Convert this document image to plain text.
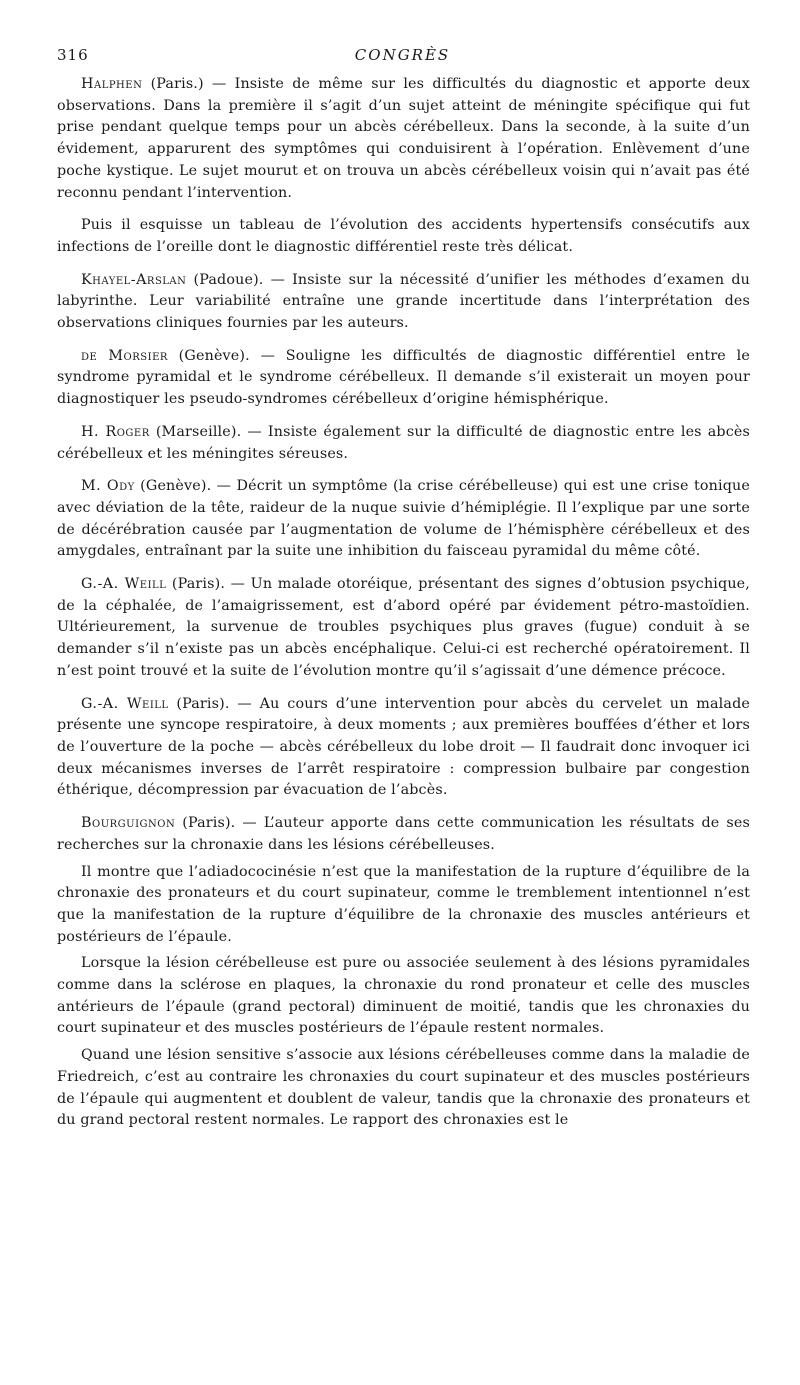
316	CONGRÈS

Halphen (Paris.) — Insiste de même sur les difficultés du diagnostic et apporte deux observations. Dans la première il s’agit d’un sujet atteint de méningite spécifique qui fut prise pendant quelque temps pour un abcès cérébelleux. Dans la seconde, à la suite d’un évidement, apparurent des symptômes qui conduisirent à l’opération. Enlèvement d’une poche kystique. Le sujet mourut et on trouva un abcès cérébelleux voisin qui n’avait pas été reconnu pendant l’intervention.

Puis il esquisse un tableau de l’évolution des accidents hypertensifs consécutifs aux infections de l’oreille dont le diagnostic différentiel reste très délicat.

Khayel-Arslan (Padoue). — Insiste sur la nécessité d’unifier les méthodes d’examen du labyrinthe. Leur variabilité entraîne une grande incertitude dans l’interprétation des observations cliniques fournies par les auteurs.

de Morsier (Genève). — Souligne les difficultés de diagnostic différentiel entre le syndrome pyramidal et le syndrome cérébelleux. Il demande s’il existerait un moyen pour diagnostiquer les pseudo-syndromes cérébelleux d’origine hémisphérique.

H. Roger (Marseille). — Insiste également sur la difficulté de diagnostic entre les abcès cérébelleux et les méningites séreuses.

M. Ody (Genève). — Décrit un symptôme (la crise cérébelleuse) qui est une crise tonique avec déviation de la tête, raideur de la nuque suivie d’hémiplégie. Il l’explique par une sorte de décérébration causée par l’augmentation de volume de l’hémisphère cérébelleux et des amygdales, entraînant par la suite une inhibition du faisceau pyramidal du même côté.

G.-A. Weill (Paris). — Un malade otoréique, présentant des signes d’obtusion psychique, de la céphalée, de l’amaigrissement, est d’abord opéré par évidement pétro-mastoïdien. Ultérieurement, la survenue de troubles psychiques plus graves (fugue) conduit à se demander s’il n’existe pas un abcès encéphalique. Celui-ci est recherché opératoirement. Il n’est point trouvé et la suite de l’évolution montre qu’il s’agissait d’une démence précoce.

G.-A. Weill (Paris). — Au cours d’une intervention pour abcès du cervelet un malade présente une syncope respiratoire, à deux moments ; aux premières bouffées d’éther et lors de l’ouverture de la poche — abcès cérébelleux du lobe droit — Il faudrait donc invoquer ici deux mécanismes inverses de l’arrêt respiratoire : compression bulbaire par congestion éthérique, décompression par évacuation de l’abcès.

Bourguignon (Paris). — L’auteur apporte dans cette communication les résultats de ses recherches sur la chronaxie dans les lésions cérébelleuses.

Il montre que l’adiadococinésie n’est que la manifestation de la rupture d’équilibre de la chronaxie des pronateurs et du court supinateur, comme le tremblement intentionnel n’est que la manifestation de la rupture d’équilibre de la chronaxie des muscles antérieurs et postérieurs de l’épaule.

Lorsque la lésion cérébelleuse est pure ou associée seulement à des lésions pyramidales comme dans la sclérose en plaques, la chronaxie du rond pronateur et celle des muscles antérieurs de l’épaule (grand pectoral) diminuent de moitié, tandis que les chronaxies du court supinateur et des muscles postérieurs de l’épaule restent normales.

Quand une lésion sensitive s’associe aux lésions cérébelleuses comme dans la maladie de Friedreich, c’est au contraire les chronaxies du court supinateur et des muscles postérieurs de l’épaule qui augmentent et doublent de valeur, tandis que la chronaxie des pronateurs et du grand pectoral restent normales. Le rapport des chronaxies est le
